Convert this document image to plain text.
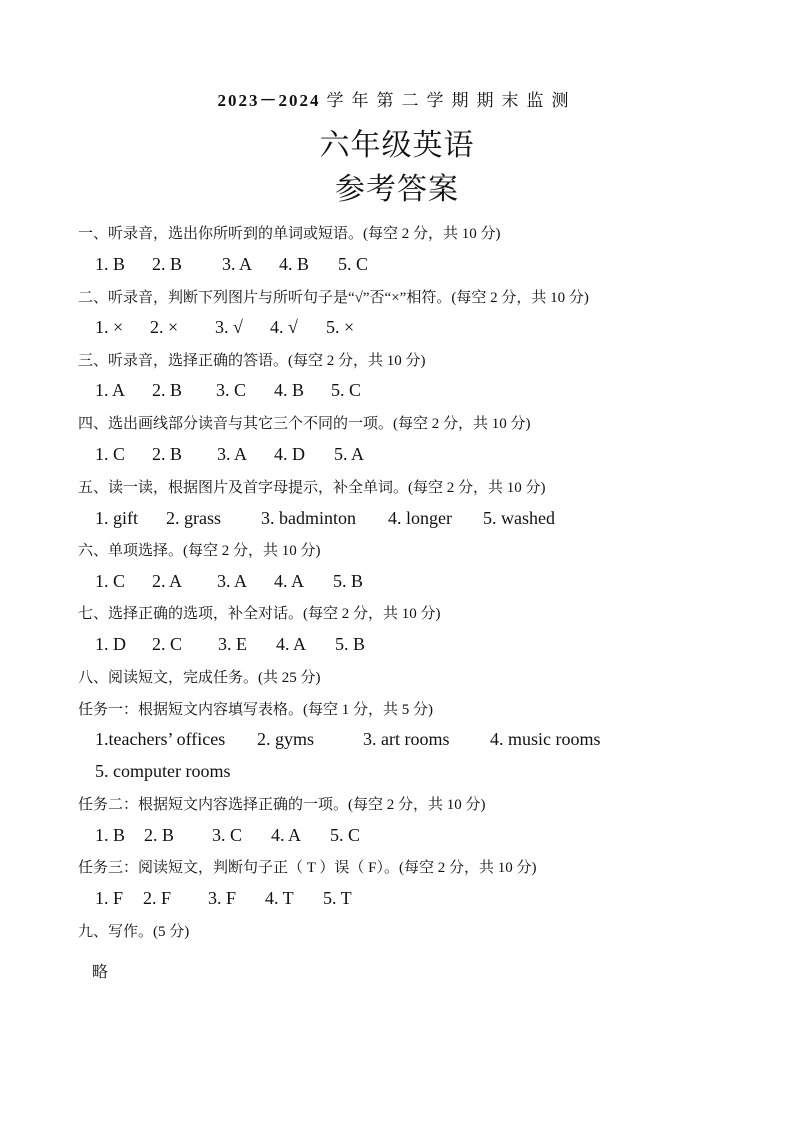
2023－2024 学年第二学期期末监测
六年级英语
参考答案
一、听录音，选出你所听到的单词或短语。(每空 2 分，共 10 分)
1. B 2. B 3. A 4. B 5. C
二、听录音，判断下列图片与所听句子是“√”否“×”相符。(每空 2 分，共 10 分)
1. × 2. × 3. √ 4. √ 5. ×
三、听录音，选择正确的答语。(每空 2 分，共 10 分)
1. A 2. B 3. C 4. B 5. C
四、选出画线部分读音与其它三个不同的一项。(每空 2 分，共 10 分)
1. C 2. B 3. A 4. D 5. A
五、读一读，根据图片及首字母提示，补全单词。(每空 2 分，共 10 分)
1. gift 2. grass 3. badminton 4. longer 5. washed
六、单项选择。(每空 2 分，共 10 分)
1. C 2. A 3. A 4. A 5. B
七、选择正确的选项，补全对话。(每空 2 分，共 10 分)
1. D 2. C 3. E 4. A 5. B
八、阅读短文，完成任务。(共 25 分)
任务一：根据短文内容填写表格。(每空 1 分，共 5 分)
1.teachers’ offices 2. gyms	3. art rooms 4. music rooms
5. computer rooms
任务二：根据短文内容选择正确的一项。(每空 2 分，共 10 分)
1. B 2. B 3. C 4. A 5. C
任务三：阅读短文，判断句子正（ T ）误（ F）。(每空 2 分，共 10 分)
1. F 2. F 3. F 4. T 5. T
九、写作。(5 分)
略
